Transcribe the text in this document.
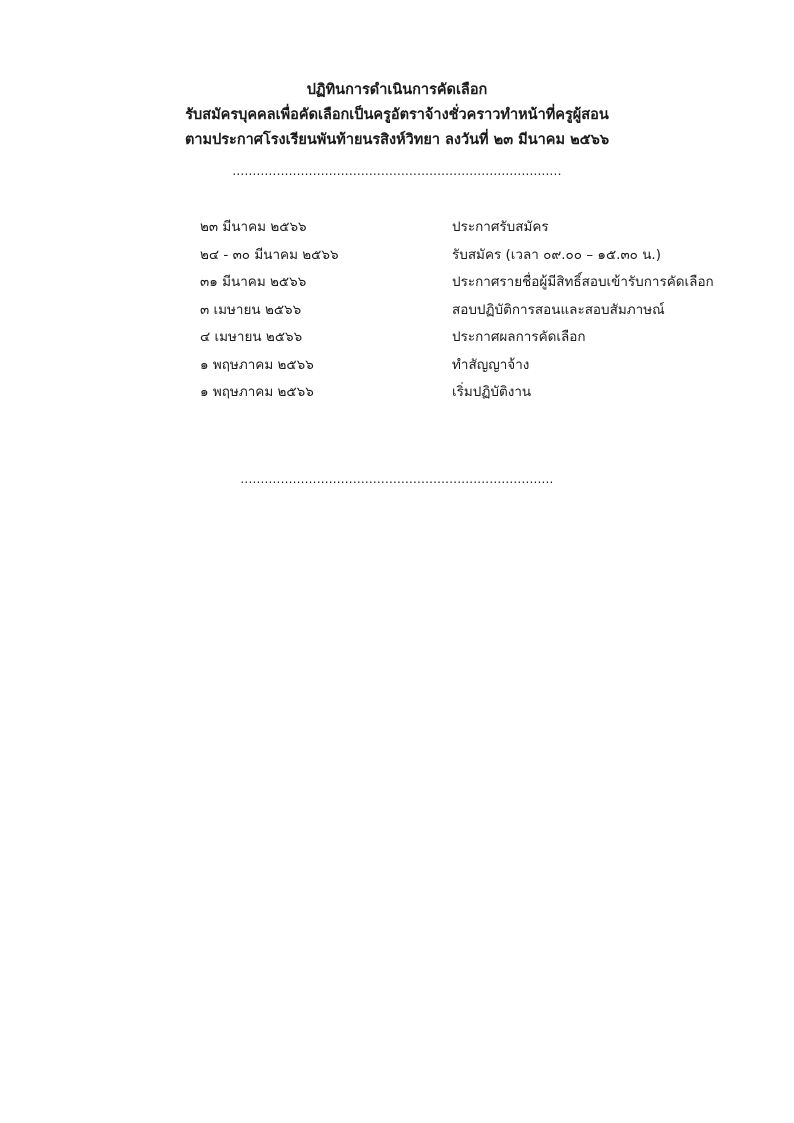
ปฏิทินการดำเนินการคัดเลือก
รับสมัครบุคคลเพื่อคัดเลือกเป็นครูอัตราจ้างชั่วคราวทำหน้าที่ครูผู้สอน
ตามประกาศโรงเรียนพันท้ายนรสิงห์วิทยา ลงวันที่ ๒๓ มีนาคม ๒๕๖๖
..................................................................................
๒๓ มีนาคม ๒๕๖๖	ประกาศรับสมัคร
๒๔ - ๓๐ มีนาคม ๒๕๖๖	รับสมัคร (เวลา ๐๙.๐๐ – ๑๕.๓๐ น.)
๓๑ มีนาคม ๒๕๖๖	ประกาศรายชื่อผู้มีสิทธิ์สอบเข้ารับการคัดเลือก
๓ เมษายน ๒๕๖๖	สอบปฏิบัติการสอนและสอบสัมภาษณ์
๔ เมษายน ๒๕๖๖	ประกาศผลการคัดเลือก
๑ พฤษภาคม ๒๕๖๖	ทำสัญญาจ้าง
๑ พฤษภาคม ๒๕๖๖	เริ่มปฏิบัติงาน
..............................................................................
